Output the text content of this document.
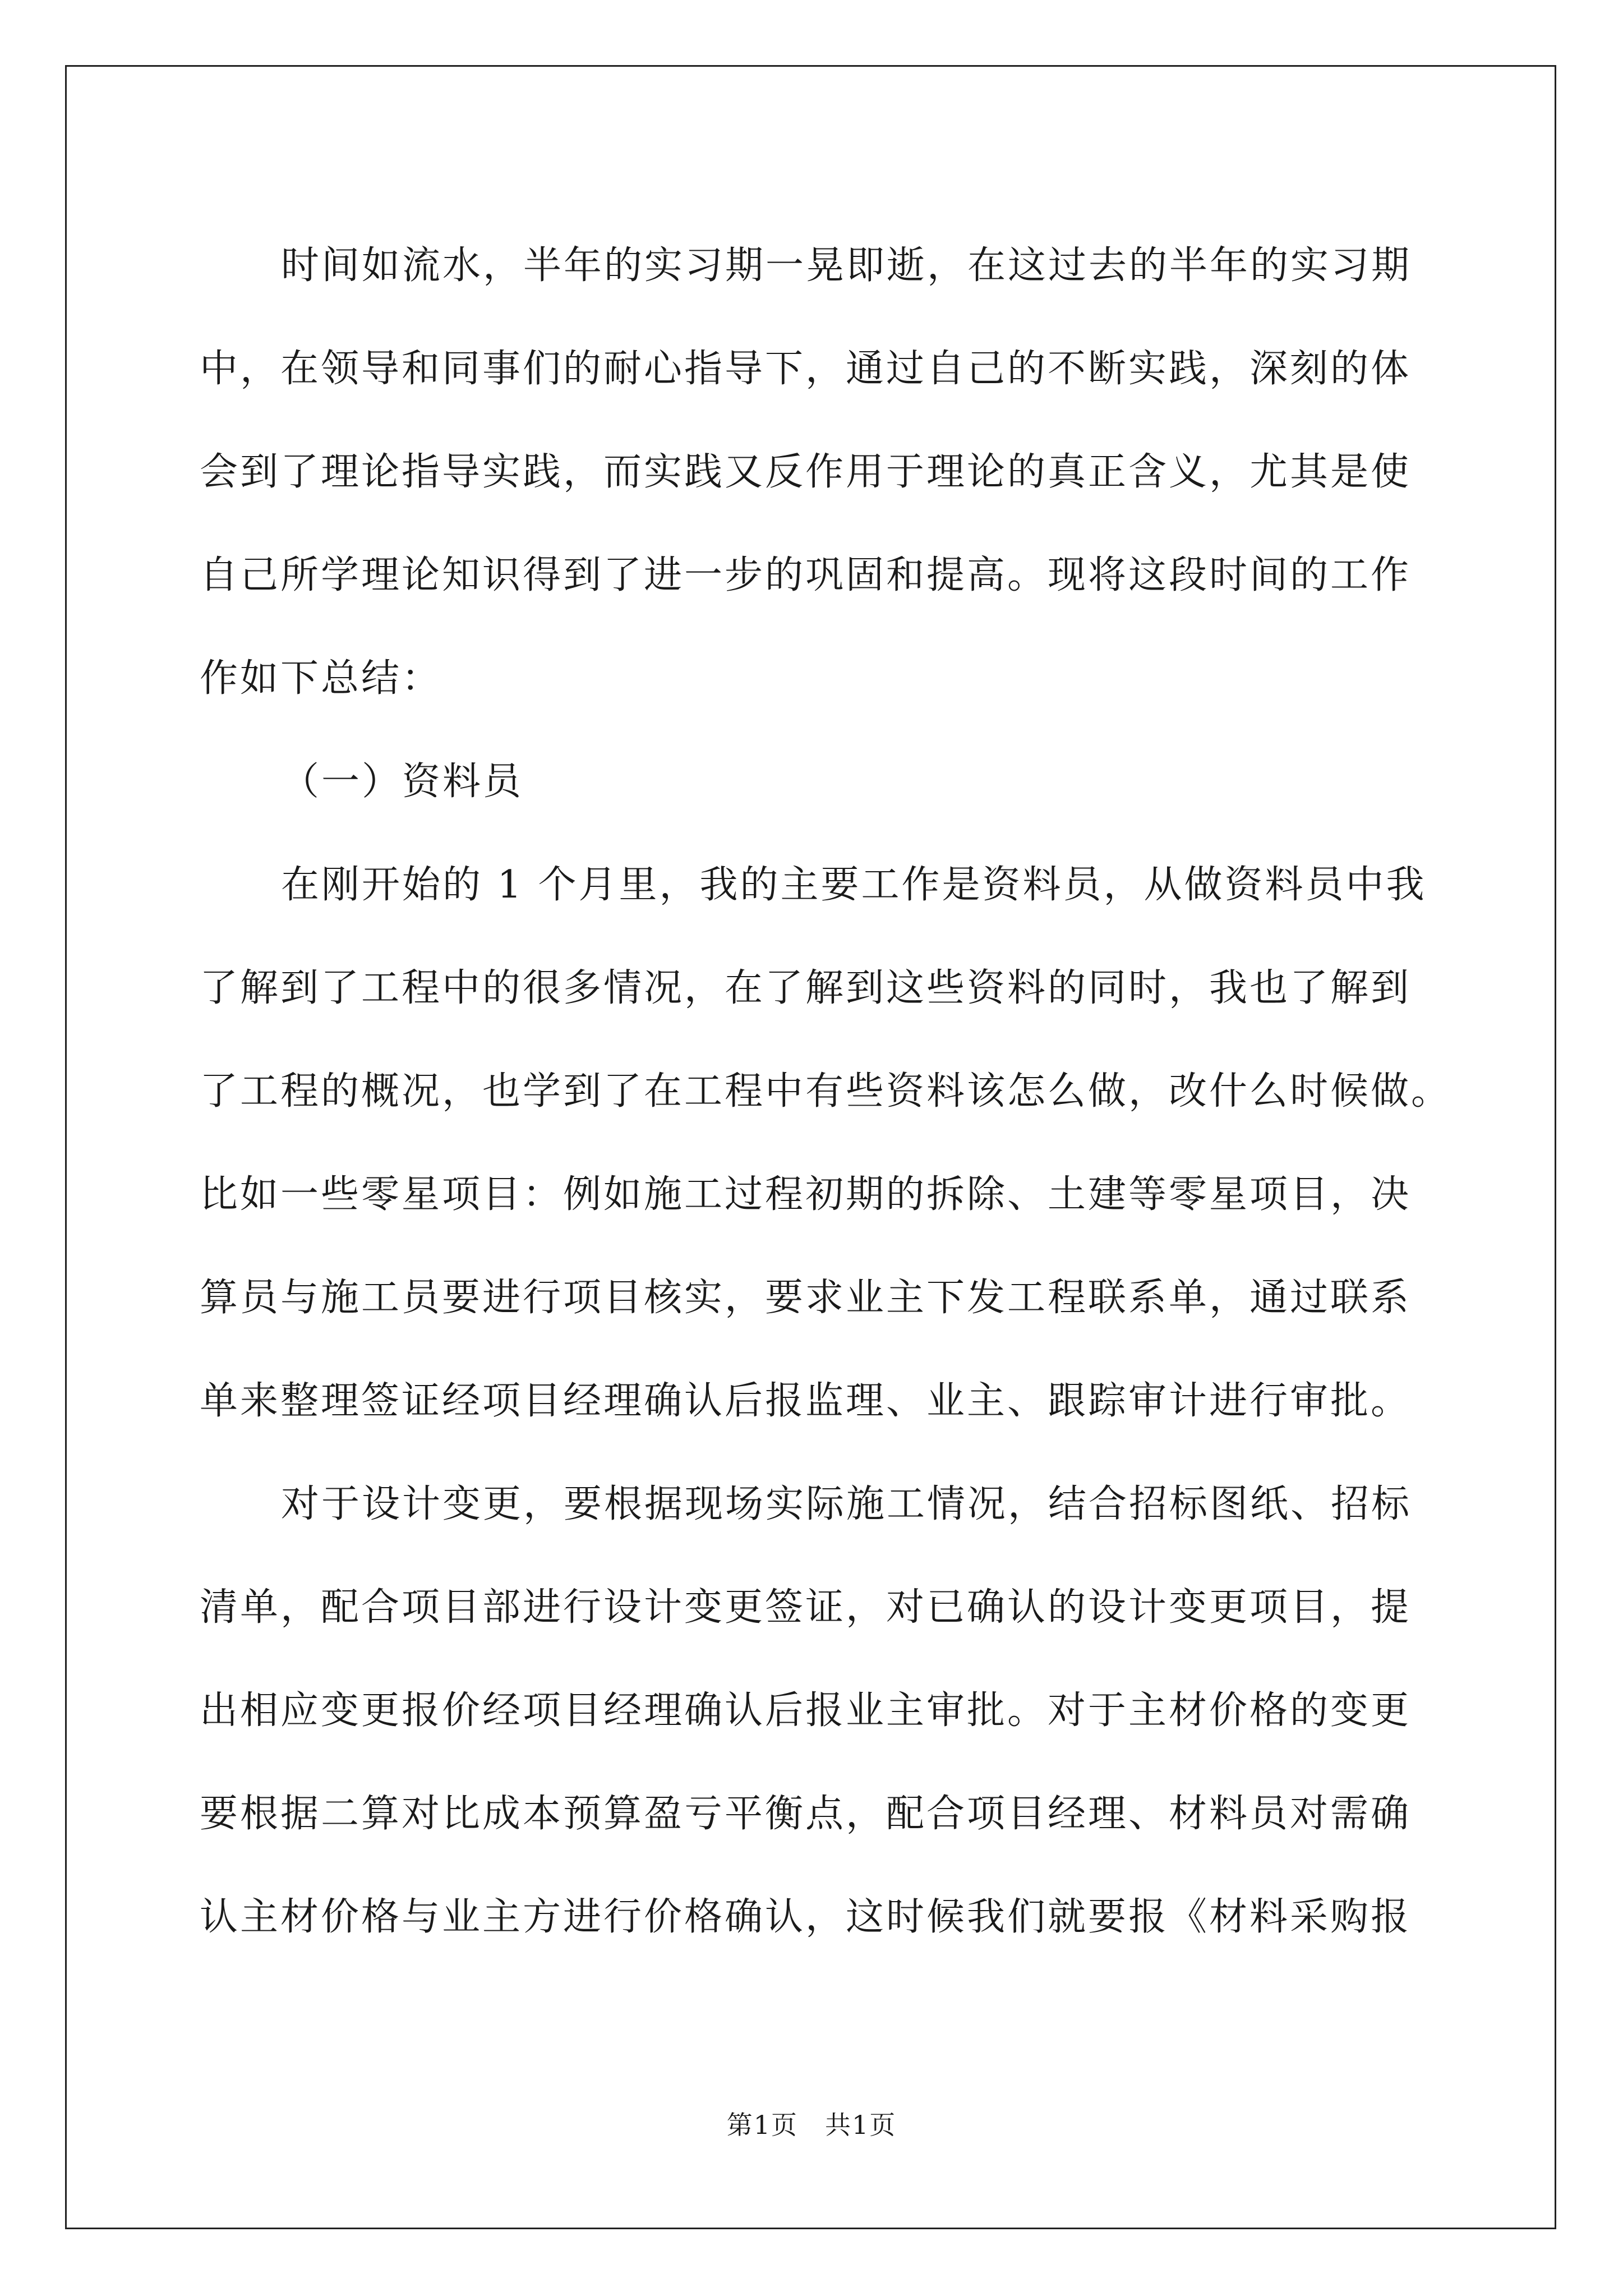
时间如流水，半年的实习期一晃即逝，在这过去的半年的实习期
中，在领导和同事们的耐心指导下，通过自己的不断实践，深刻的体
会到了理论指导实践，而实践又反作用于理论的真正含义，尤其是使
自己所学理论知识得到了进一步的巩固和提高。现将这段时间的工作
作如下总结：
（一）资料员
在刚开始的 1 个月里，我的主要工作是资料员，从做资料员中我
了解到了工程中的很多情况，在了解到这些资料的同时，我也了解到
了工程的概况，也学到了在工程中有些资料该怎么做，改什么时候做。
比如一些零星项目：例如施工过程初期的拆除、土建等零星项目，决
算员与施工员要进行项目核实，要求业主下发工程联系单，通过联系
单来整理签证经项目经理确认后报监理、业主、跟踪审计进行审批。
对于设计变更，要根据现场实际施工情况，结合招标图纸、招标
清单，配合项目部进行设计变更签证，对已确认的设计变更项目，提
出相应变更报价经项目经理确认后报业主审批。对于主材价格的变更
要根据二算对比成本预算盈亏平衡点，配合项目经理、材料员对需确
认主材价格与业主方进行价格确认，这时候我们就要报《材料采购报
第1页　共1页
